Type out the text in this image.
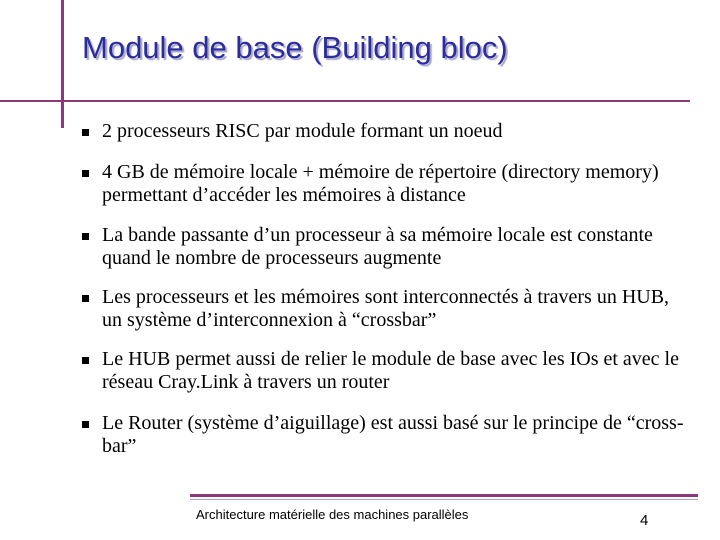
Module de base (Building bloc)
2 processeurs RISC par module formant un noeud
4 GB de mémoire locale + mémoire de répertoire (directory memory) permettant d’accéder les mémoires à distance
La bande passante d’un processeur à sa mémoire locale est constante quand le nombre de processeurs augmente
Les processeurs et les mémoires sont interconnectés à travers un HUB, un système d’interconnexion à “crossbar”
Le HUB permet aussi de relier le module de base avec les IOs et avec le réseau Cray.Link à travers un router
Le Router (système d’aiguillage) est aussi basé sur le principe de “cross-bar”
Architecture matérielle des machines parallèles	4
